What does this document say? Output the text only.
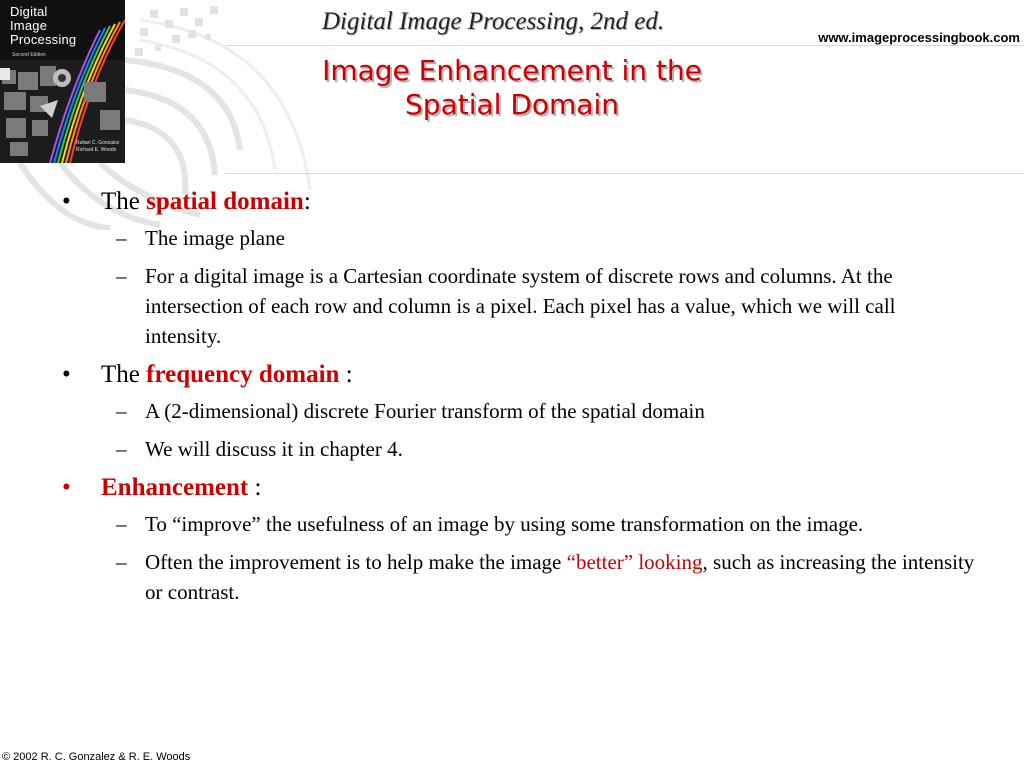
Digital
Image
Processing
Second Edition
Rafael C. Gonzalez
Richard E. Woods
Digital Image Processing, 2nd ed.
www.imageprocessingbook.com
Image Enhancement in the
Spatial Domain
• The spatial domain:
– The image plane
– For a digital image is a Cartesian coordinate system of discrete rows and columns. At the intersection of each row and column is a pixel. Each pixel has a value, which we will call intensity.
• The frequency domain :
– A (2-dimensional) discrete Fourier transform of the spatial domain
– We will discuss it in chapter 4.
• Enhancement :
– To “improve” the usefulness of an image by using some transformation on the image.
– Often the improvement is to help make the image “better” looking, such as increasing the intensity or contrast.
© 2002 R. C. Gonzalez & R. E. Woods
